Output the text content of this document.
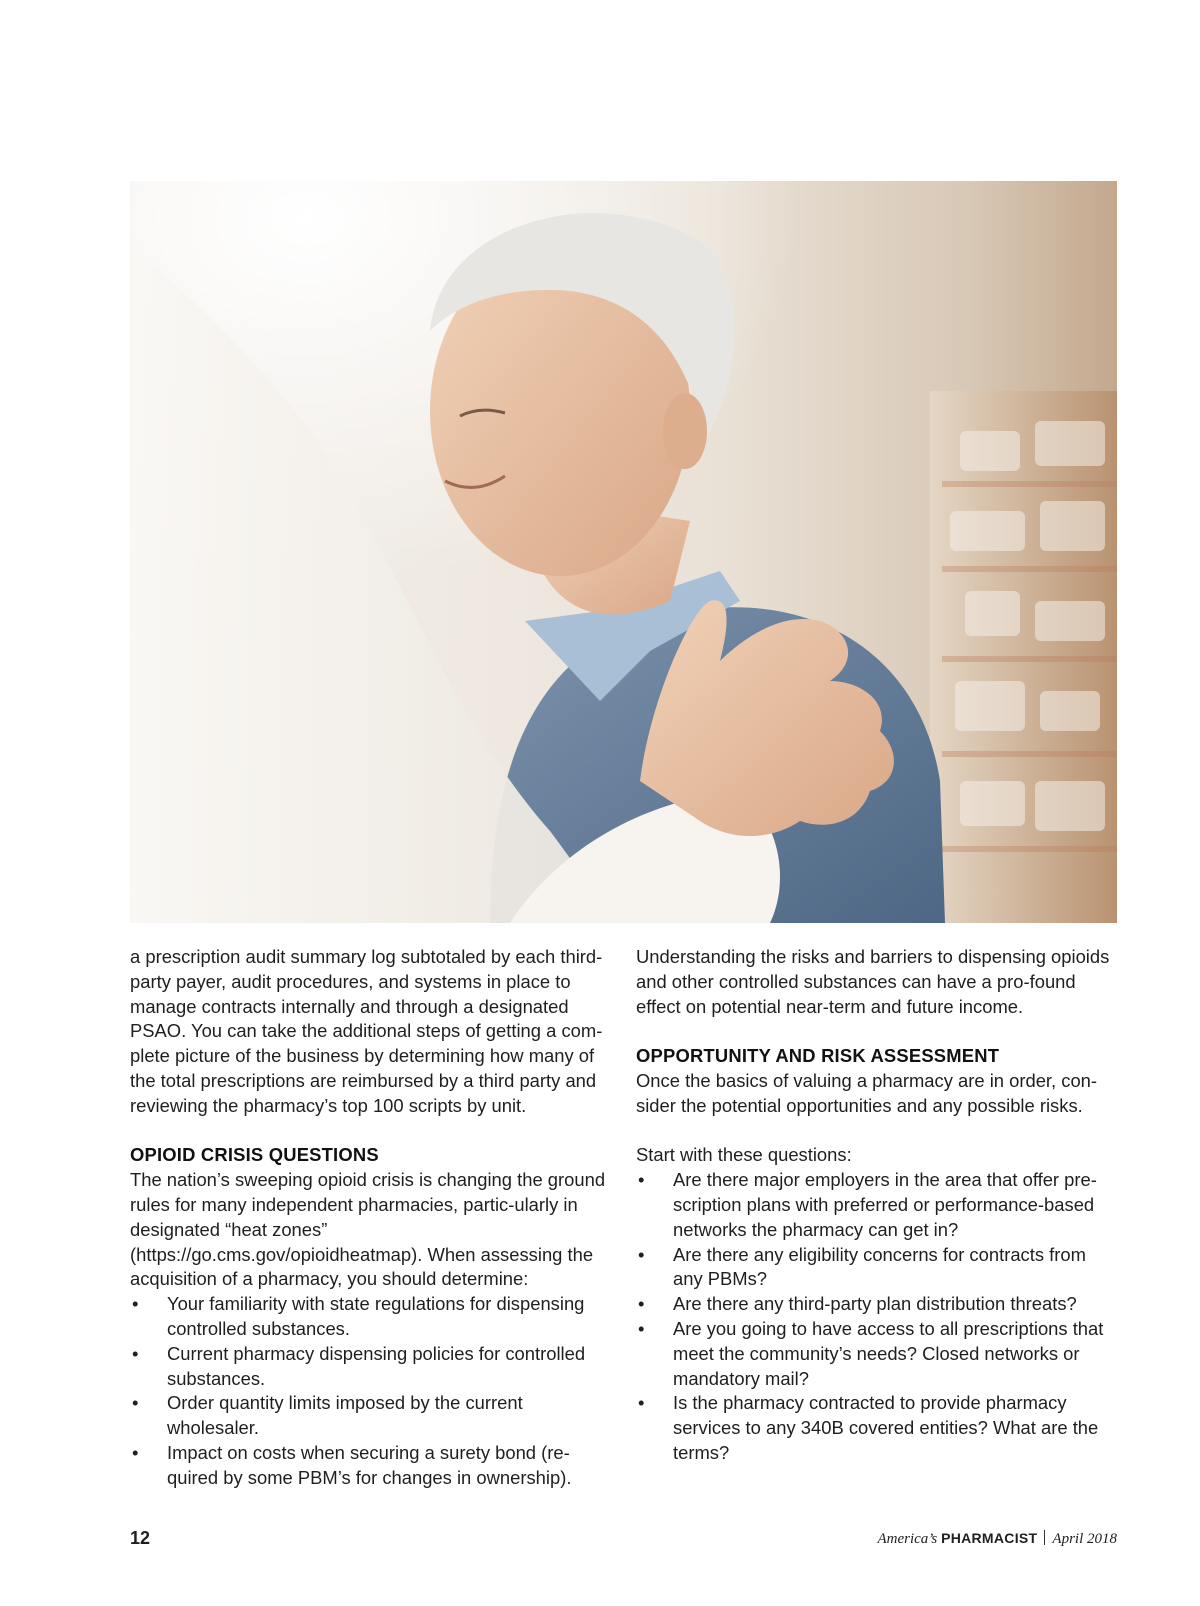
a prescription audit summary log subtotaled by each third-party payer, audit procedures, and systems in place to manage contracts internally and through a designated PSAO. You can take the additional steps of getting a com-plete picture of the business by determining how many of the total prescriptions are reimbursed by a third party and reviewing the pharmacy’s top 100 scripts by unit.

OPIOID CRISIS QUESTIONS

The nation’s sweeping opioid crisis is changing the ground rules for many independent pharmacies, partic-ularly in designated “heat zones” (https://go.cms.gov/opioidheatmap). When assessing the acquisition of a pharmacy, you should determine:

• Your familiarity with state regulations for dispensing controlled substances.
• Current pharmacy dispensing policies for controlled substances.
• Order quantity limits imposed by the current wholesaler.
• Impact on costs when securing a surety bond (re-quired by some PBM’s for changes in ownership).

Understanding the risks and barriers to dispensing opioids and other controlled substances can have a pro-found effect on potential near-term and future income.

OPPORTUNITY AND RISK ASSESSMENT

Once the basics of valuing a pharmacy are in order, con-sider the potential opportunities and any possible risks.

Start with these questions:

• Are there major employers in the area that offer pre-scription plans with preferred or performance-based networks the pharmacy can get in?
• Are there any eligibility concerns for contracts from any PBMs?
• Are there any third-party plan distribution threats?
• Are you going to have access to all prescriptions that meet the community’s needs? Closed networks or mandatory mail?
• Is the pharmacy contracted to provide pharmacy services to any 340B covered entities? What are the terms?
12	America’s PHARMACIST April 2018
